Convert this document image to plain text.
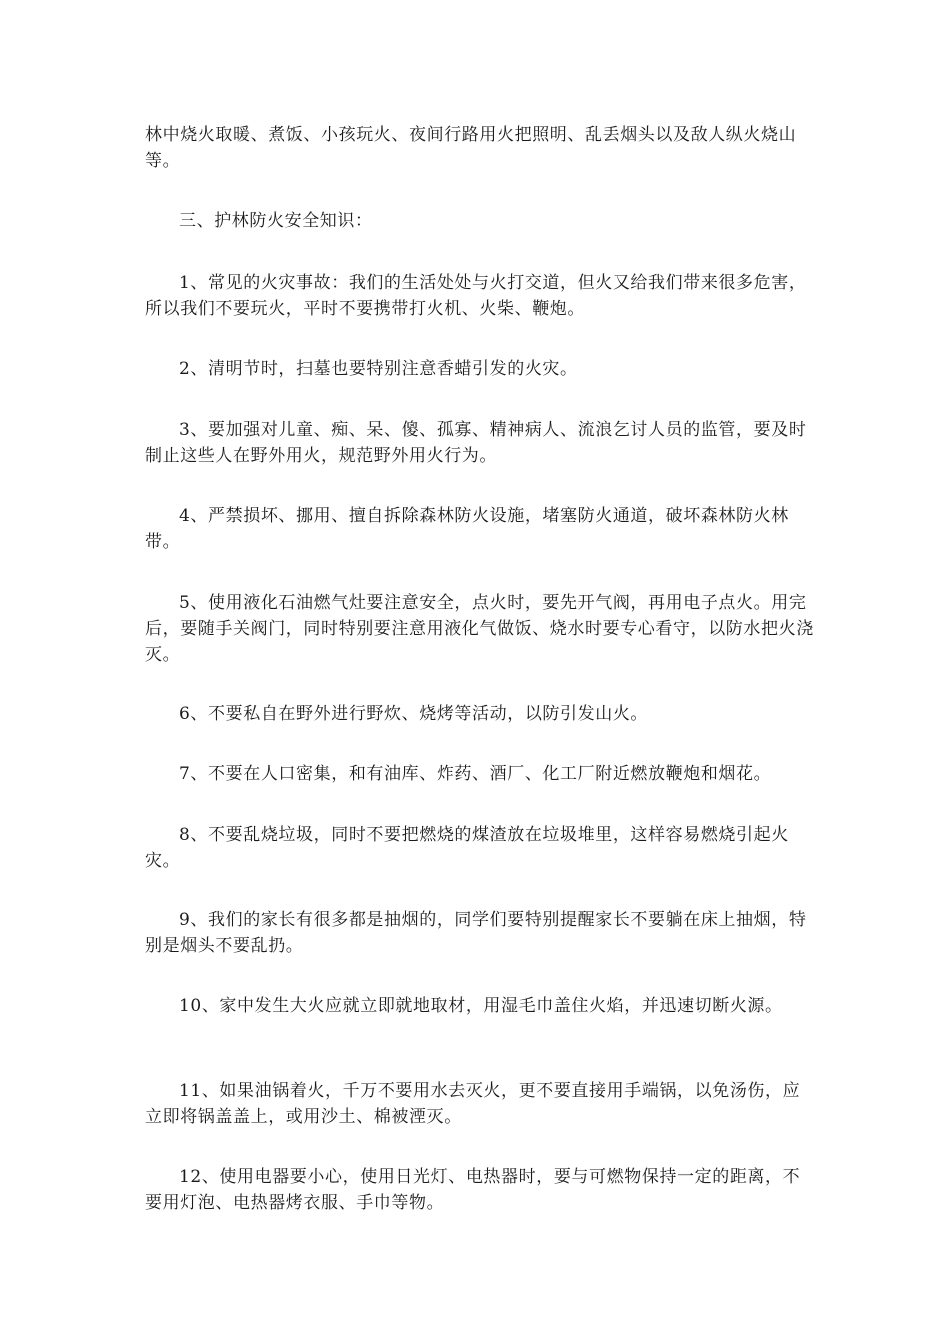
林中烧火取暖、煮饭、小孩玩火、夜间行路用火把照明、乱丢烟头以及敌人纵火烧山等。

三、护林防火安全知识：

1、常见的火灾事故：我们的生活处处与火打交道，但火又给我们带来很多危害，所以我们不要玩火，平时不要携带打火机、火柴、鞭炮。

2、清明节时，扫墓也要特别注意香蜡引发的火灾。

3、要加强对儿童、痴、呆、傻、孤寡、精神病人、流浪乞讨人员的监管，要及时制止这些人在野外用火，规范野外用火行为。

4、严禁损坏、挪用、擅自拆除森林防火设施，堵塞防火通道，破坏森林防火林带。

5、使用液化石油燃气灶要注意安全，点火时，要先开气阀，再用电子点火。用完后，要随手关阀门，同时特别要注意用液化气做饭、烧水时要专心看守，以防水把火浇灭。

6、不要私自在野外进行野炊、烧烤等活动，以防引发山火。

7、不要在人口密集，和有油库、炸药、酒厂、化工厂附近燃放鞭炮和烟花。

8、不要乱烧垃圾，同时不要把燃烧的煤渣放在垃圾堆里，这样容易燃烧引起火灾。

9、我们的家长有很多都是抽烟的，同学们要特别提醒家长不要躺在床上抽烟，特别是烟头不要乱扔。

10、家中发生大火应就立即就地取材，用湿毛巾盖住火焰，并迅速切断火源。

11、如果油锅着火，千万不要用水去灭火，更不要直接用手端锅，以免汤伤，应立即将锅盖盖上，或用沙土、棉被湮灭。

12、使用电器要小心，使用日光灯、电热器时，要与可燃物保持一定的距离，不要用灯泡、电热器烤衣服、手巾等物。
